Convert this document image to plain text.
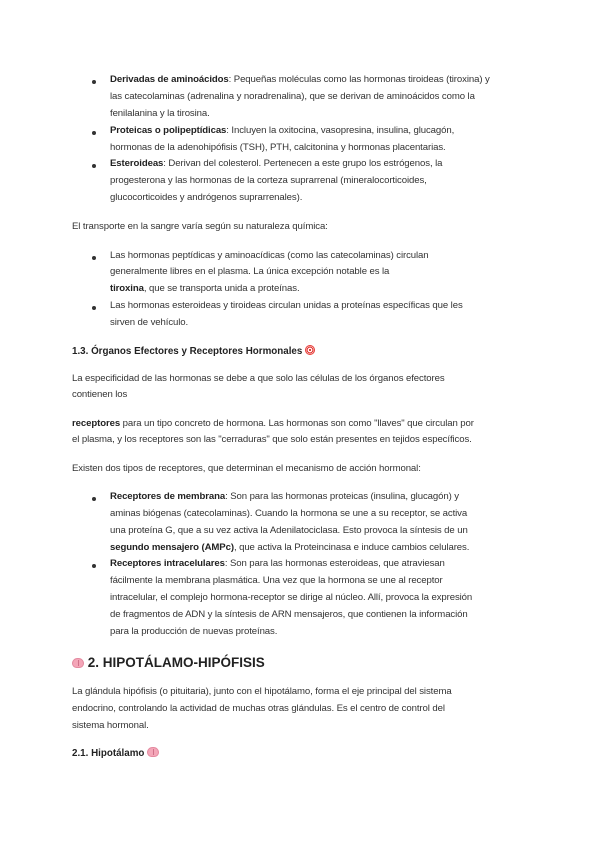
Derivadas de aminoácidos: Pequeñas moléculas como las hormonas tiroideas (tiroxina) y
las catecolaminas (adrenalina y noradrenalina), que se derivan de aminoácidos como la
fenilalanina y la tirosina.
Proteicas o polipeptídicas: Incluyen la oxitocina, vasopresina, insulina, glucagón,
hormonas de la adenohipófisis (TSH), PTH, calcitonina y hormonas placentarias.
Esteroideas: Derivan del colesterol. Pertenecen a este grupo los estrógenos, la
progesterona y las hormonas de la corteza suprarrenal (mineralocorticoides,
glucocorticoides y andrógenos suprarrenales).
El transporte en la sangre varía según su naturaleza química:
Las hormonas peptídicas y aminoacídicas (como las catecolaminas) circulan
generalmente libres en el plasma. La única excepción notable es la
tiroxina, que se transporta unida a proteínas.
Las hormonas esteroideas y tiroideas circulan unidas a proteínas específicas que les
sirven de vehículo.
1.3. Órganos Efectores y Receptores Hormonales
La especificidad de las hormonas se debe a que solo las células de los órganos efectores
contienen los
receptores para un tipo concreto de hormona. Las hormonas son como "llaves" que circulan por
el plasma, y los receptores son las "cerraduras" que solo están presentes en tejidos específicos.
Existen dos tipos de receptores, que determinan el mecanismo de acción hormonal:
Receptores de membrana: Son para las hormonas proteicas (insulina, glucagón) y
aminas biógenas (catecolaminas). Cuando la hormona se une a su receptor, se activa
una proteína G, que a su vez activa la Adenilatociclasa. Esto provoca la síntesis de un
segundo mensajero (AMPc), que activa la Proteincinasa e induce cambios celulares.
Receptores intracelulares: Son para las hormonas esteroideas, que atraviesan
fácilmente la membrana plasmática. Una vez que la hormona se une al receptor
intracelular, el complejo hormona-receptor se dirige al núcleo. Allí, provoca la expresión
de fragmentos de ADN y la síntesis de ARN mensajeros, que contienen la información
para la producción de nuevas proteínas.
2. HIPOTÁLAMO-HIPÓFISIS
La glándula hipófisis (o pituitaria), junto con el hipotálamo, forma el eje principal del sistema
endocrino, controlando la actividad de muchas otras glándulas. Es el centro de control del
sistema hormonal.
2.1. Hipotálamo
